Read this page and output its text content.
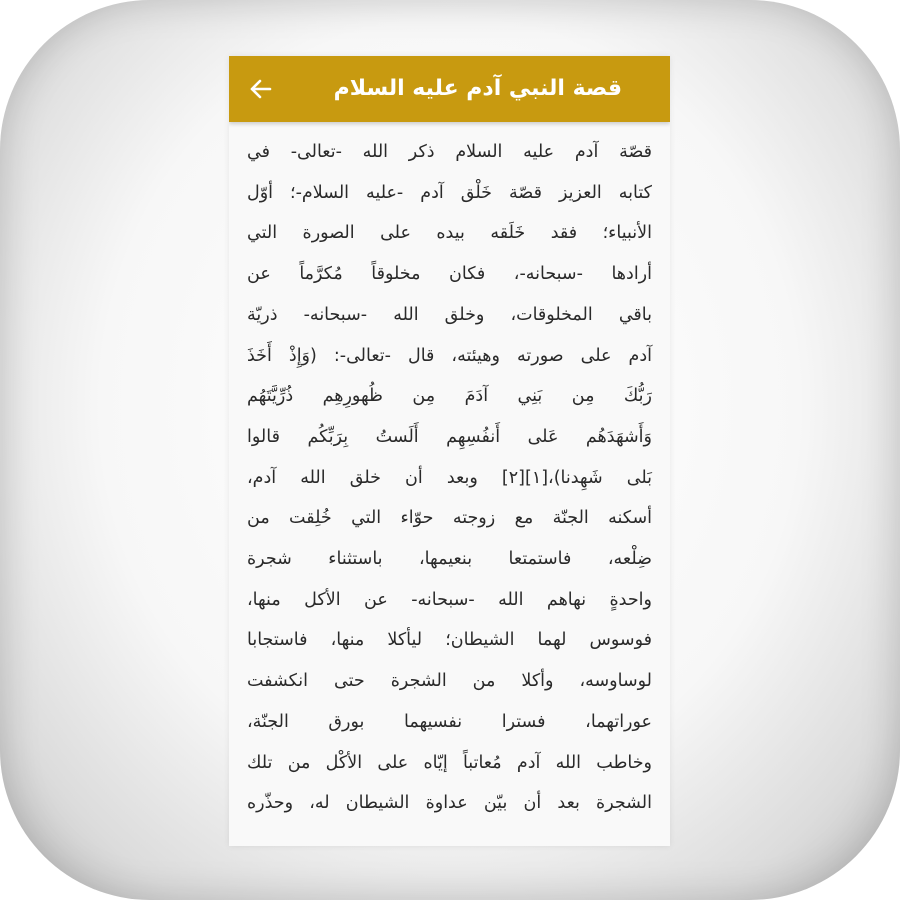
قصة النبي آدم عليه السلام
قصّة آدم عليه السلام ذكر الله -تعالى- في
كتابه العزيز قصّة خَلْق آدم -عليه السلام-؛ أوّل
الأنبياء؛ فقد خَلَقه بيده على الصورة التي
أرادها -سبحانه-، فكان مخلوقاً مُكرَّماً عن
باقي المخلوقات، وخلق الله -سبحانه- ذريّة
آدم على صورته وهيئته، قال -تعالى-: (وَإِذْ أَخَذَ
رَبُّكَ مِن بَنِي آدَمَ مِن ظُهورِهِم ذُرِّيَّتَهُم
وَأَشهَدَهُم عَلى أَنفُسِهِم أَلَستُ بِرَبِّكُم قالوا
بَلى شَهِدنا)،[١][٢] وبعد أن خلق الله آدم،
أسكنه الجنّة مع زوجته حوّاء التي خُلِقت من
ضِلْعه، فاستمتعا بنعيمها، باستثناء شجرة
واحدةٍ نهاهم الله -سبحانه- عن الأكل منها،
فوسوس لهما الشيطان؛ ليأكلا منها، فاستجابا
لوساوسه، وأكلا من الشجرة حتى انكشفت
عوراتهما، فسترا نفسيهما بورق الجنّة،
وخاطب الله آدم مُعاتباً إيّاه على الأكْل من تلك
الشجرة بعد أن بيّن عداوة الشيطان له، وحذّره
